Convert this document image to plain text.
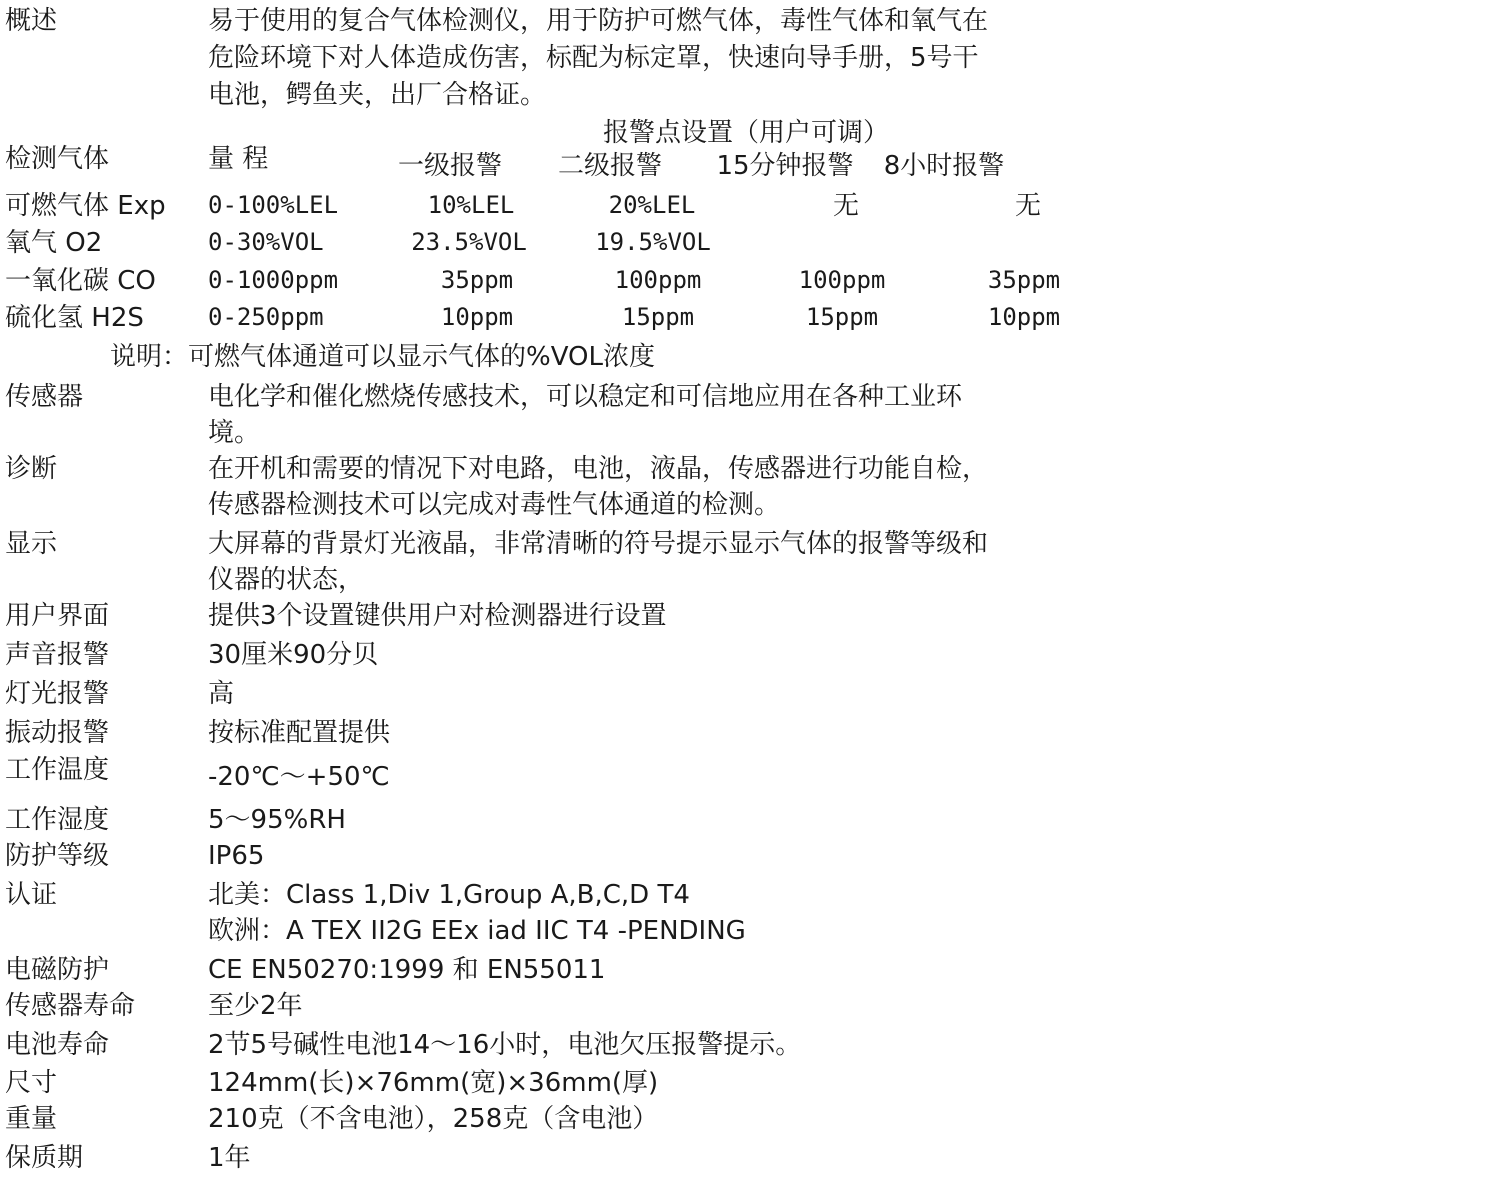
概述	易于使用的复合气体检测仪，用于防护可燃气体，毒性气体和氧气在
危险环境下对人体造成伤害，标配为标定罩，快速向导手册，5号干
电池，鳄鱼夹，出厂合格证。
报警点设置（用户可调）
检测气体	量 程	一级报警 二级报警 15分钟报警 8小时报警
可燃气体 Exp 0-100%LEL	10%LEL	20%LEL	无	无
氧气 O2	0-30%VOL	23.5%VOL	19.5%VOL
一氧化碳 CO 0-1000ppm	35ppm	100ppm	100ppm	35ppm
硫化氢 H2S	0-250ppm	10ppm	15ppm	15ppm	10ppm
说明：可燃气体通道可以显示气体的%VOL浓度
传感器	电化学和催化燃烧传感技术，可以稳定和可信地应用在各种工业环
境。
诊断	在开机和需要的情况下对电路，电池，液晶，传感器进行功能自检，
传感器检测技术可以完成对毒性气体通道的检测。
显示	大屏幕的背景灯光液晶，非常清晰的符号提示显示气体的报警等级和
仪器的状态，
用户界面	提供3个设置键供用户对检测器进行设置
声音报警	30厘米90分贝
灯光报警	高
振动报警	按标准配置提供
工作温度	-20℃～+50℃
工作湿度	5～95%RH
防护等级	IP65
认证	北美：Class 1,Div 1,Group A,B,C,D T4
欧洲：A TEX II2G EEx iad IIC T4 -PENDING
电磁防护	CE EN50270:1999 和 EN55011
传感器寿命	至少2年
电池寿命	2节5号碱性电池14～16小时，电池欠压报警提示。
尺寸	124mm(长)×76mm(宽)×36mm(厚)
重量	210克（不含电池），258克（含电池）
保质期	1年
